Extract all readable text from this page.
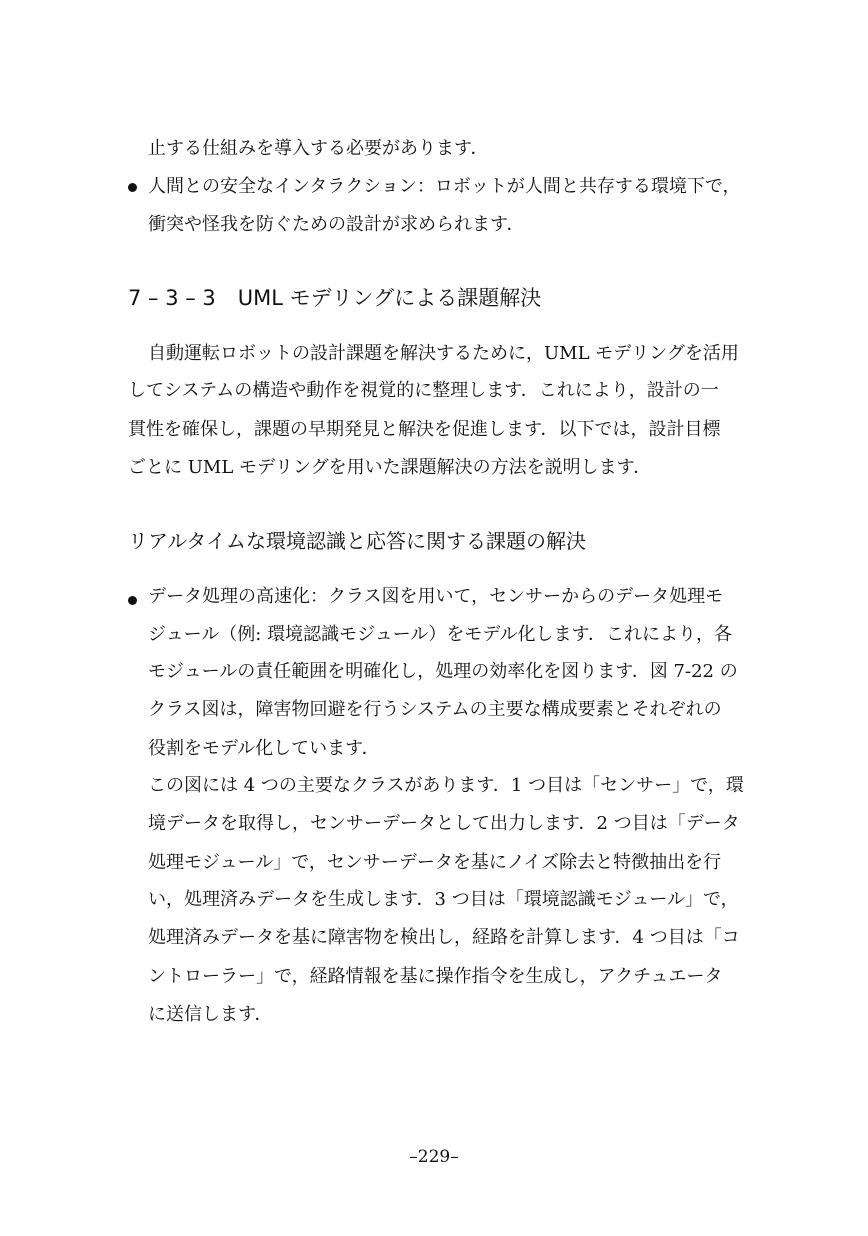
止する仕組みを導入する必要があります．
人間との安全なインタラクション：ロボットが人間と共存する環境下で，
衝突や怪我を防ぐための設計が求められます．
7 – 3 – 3 UML モデリングによる課題解決
自動運転ロボットの設計課題を解決するために，UML モデリングを活用
してシステムの構造や動作を視覚的に整理します．これにより，設計の一
貫性を確保し，課題の早期発見と解決を促進します．以下では，設計目標
ごとに UML モデリングを用いた課題解決の方法を説明します．
リアルタイムな環境認識と応答に関する課題の解決
データ処理の高速化：クラス図を用いて，センサーからのデータ処理モ
ジュール（例: 環境認識モジュール）をモデル化します．これにより，各
モジュールの責任範囲を明確化し，処理の効率化を図ります．図 7-22 の
クラス図は，障害物回避を行うシステムの主要な構成要素とそれぞれの
役割をモデル化しています．
この図には 4 つの主要なクラスがあります．1 つ目は「センサー」で，環
境データを取得し，センサーデータとして出力します．2 つ目は「データ
処理モジュール」で，センサーデータを基にノイズ除去と特徴抽出を行
い，処理済みデータを生成します．3 つ目は「環境認識モジュール」で，
処理済みデータを基に障害物を検出し，経路を計算します．4 つ目は「コ
ントローラー」で，経路情報を基に操作指令を生成し，アクチュエータ
に送信します．
–229–
